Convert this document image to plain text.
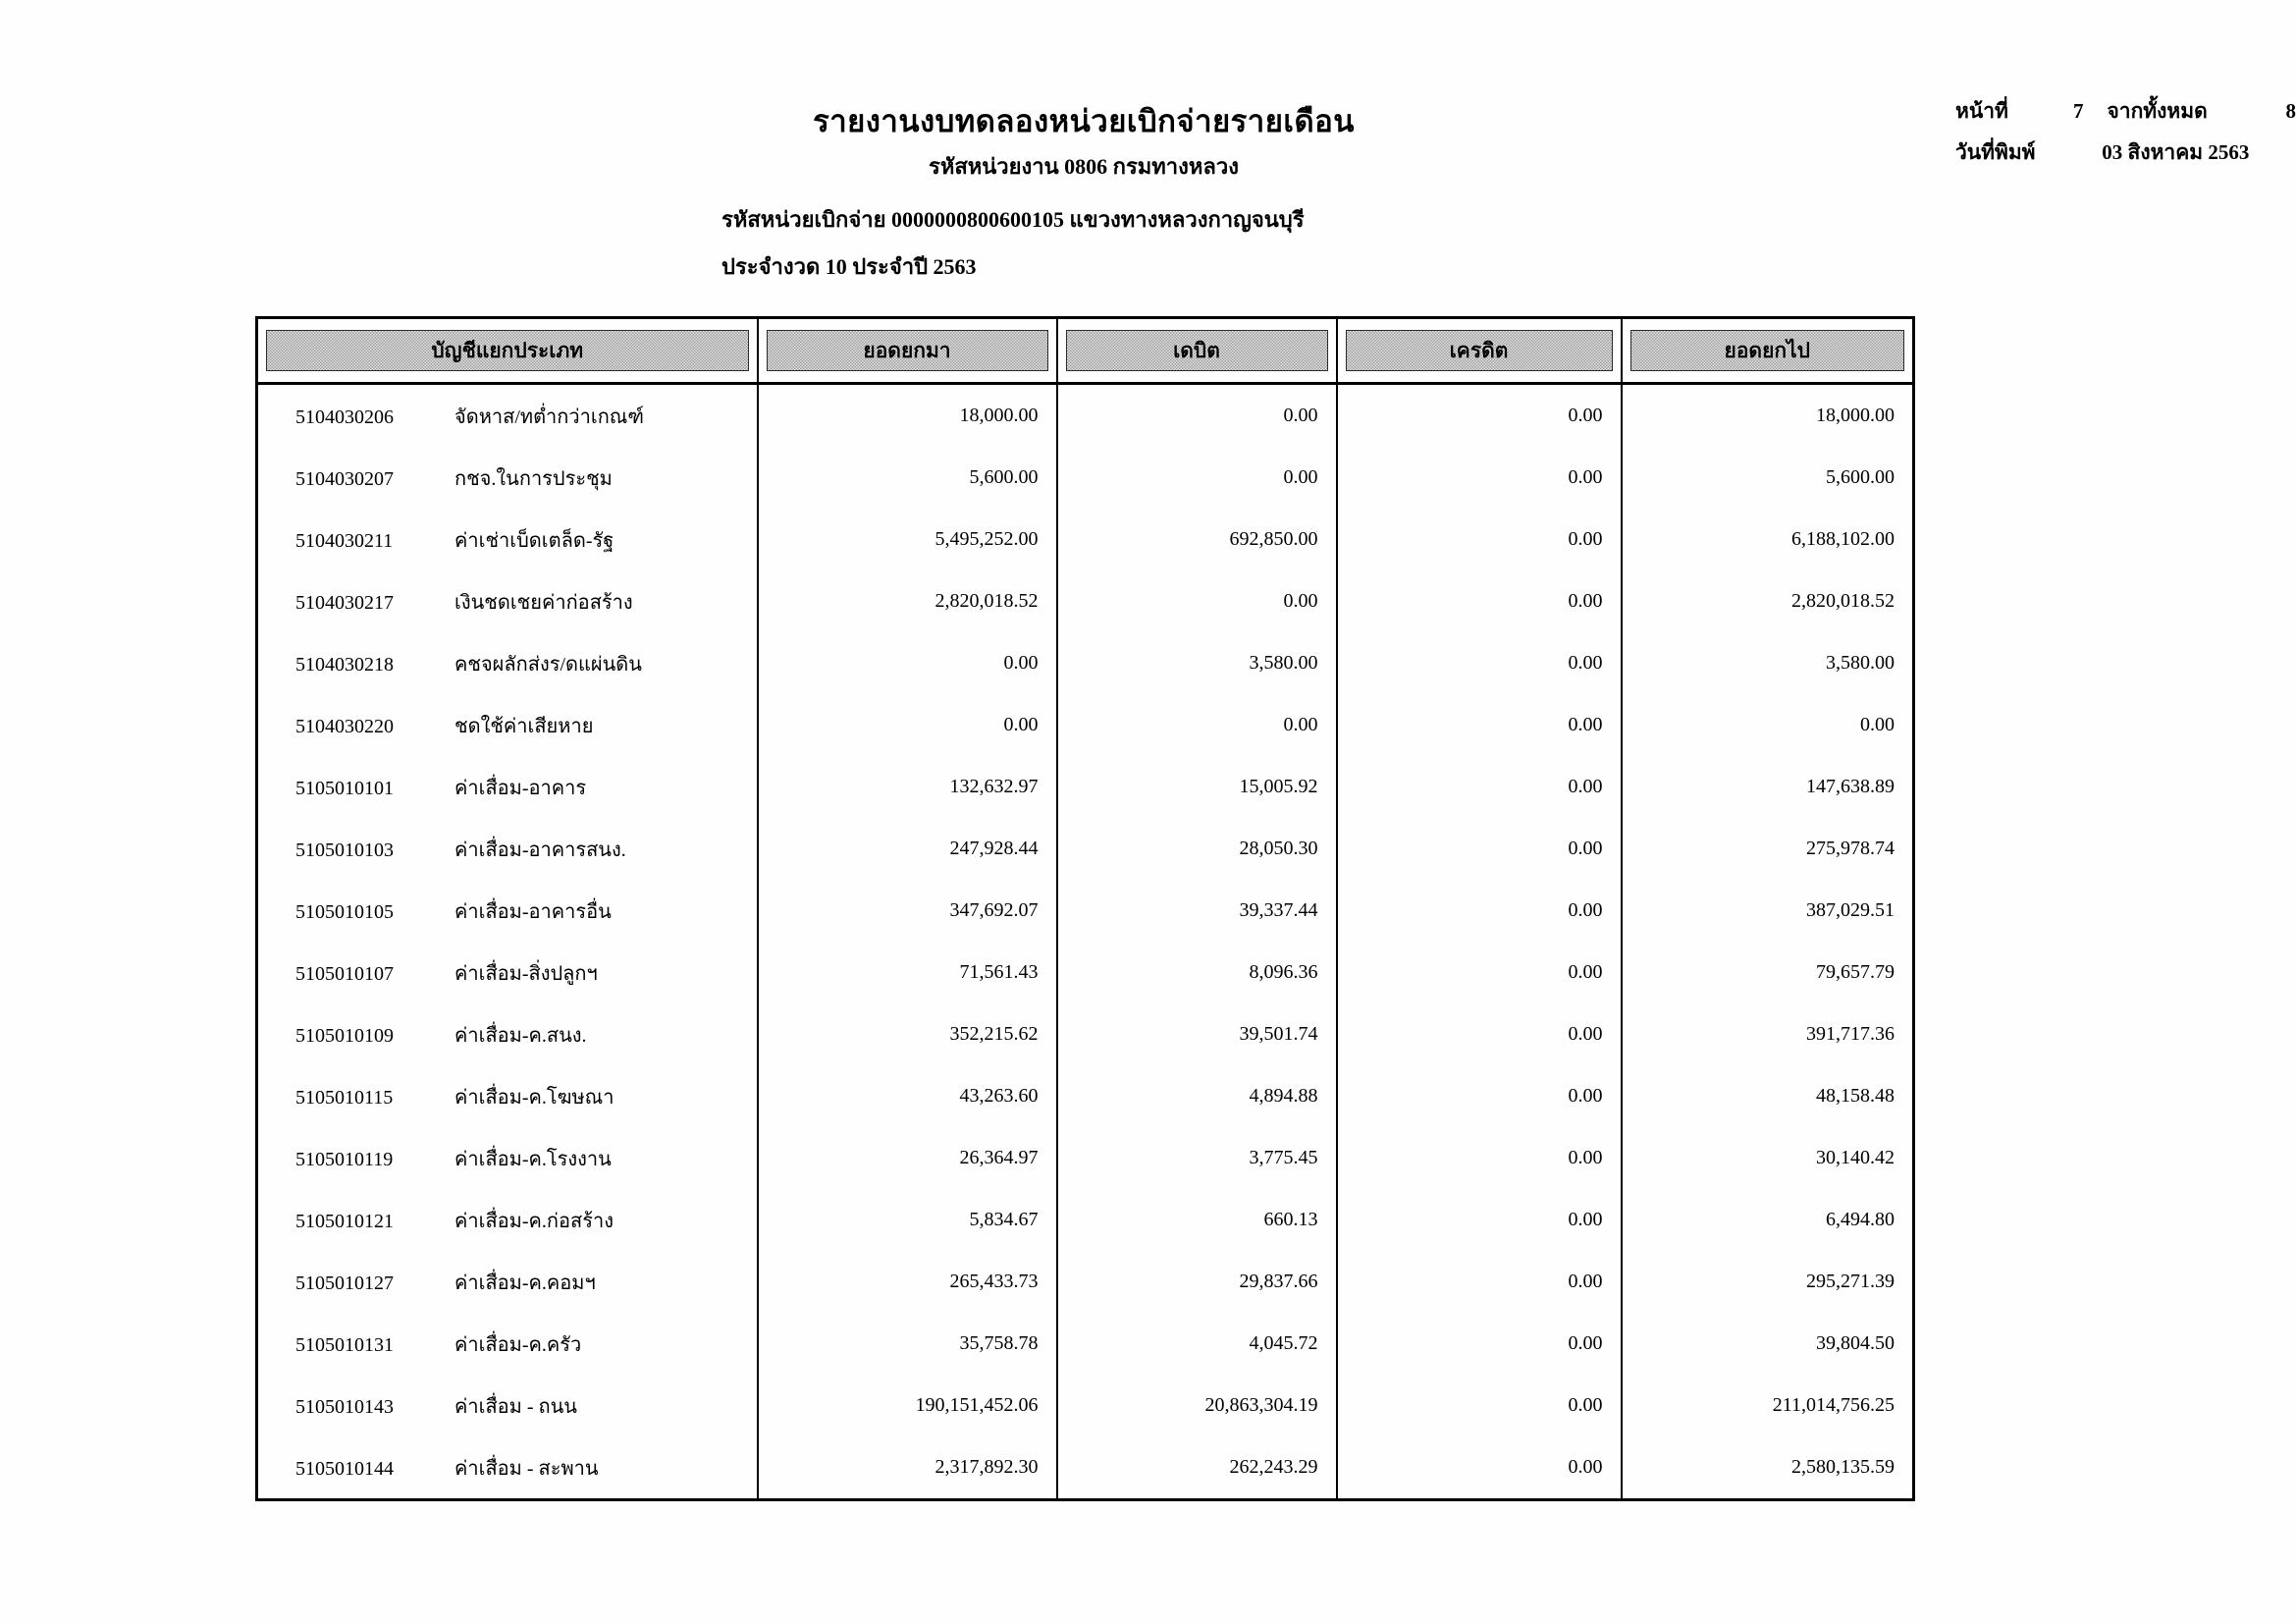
หน้าที่	7 จากทั้งหมด	8
วันที่พิมพ์	03 สิงหาคม 2563
รายงานงบทดลองหน่วยเบิกจ่ายรายเดือน
รหัสหน่วยงาน 0806 กรมทางหลวง
รหัสหน่วยเบิกจ่าย 0000000800600105 แขวงทางหลวงกาญจนบุรี
ประจำงวด 10 ประจำปี 2563
บัญชีแยกประเภท	ยอดยกมา	เดบิต	เครดิต	ยอดยกไป

5104030206 จัดหาส/ทต่ำกว่าเกณฑ์	18,000.00	0.00	0.00	18,000.00
5104030207 กชจ.ในการประชุม	5,600.00	0.00	0.00	5,600.00
5104030211 ค่าเช่าเบ็ดเตล็ด-รัฐ	5,495,252.00	692,850.00	0.00	6,188,102.00
5104030217 เงินชดเชยค่าก่อสร้าง	2,820,018.52	0.00	0.00	2,820,018.52
5104030218 คชจผลักส่งร/ดแผ่นดิน	0.00	3,580.00	0.00	3,580.00
5104030220 ชดใช้ค่าเสียหาย	0.00	0.00	0.00	0.00
5105010101 ค่าเสื่อม-อาคาร	132,632.97	15,005.92	0.00	147,638.89
5105010103 ค่าเสื่อม-อาคารสนง.	247,928.44	28,050.30	0.00	275,978.74
5105010105 ค่าเสื่อม-อาคารอื่น	347,692.07	39,337.44	0.00	387,029.51
5105010107 ค่าเสื่อม-สิ่งปลูกฯ	71,561.43	8,096.36	0.00	79,657.79
5105010109 ค่าเสื่อม-ค.สนง.	352,215.62	39,501.74	0.00	391,717.36
5105010115 ค่าเสื่อม-ค.โฆษณา	43,263.60	4,894.88	0.00	48,158.48
5105010119 ค่าเสื่อม-ค.โรงงาน	26,364.97	3,775.45	0.00	30,140.42
5105010121 ค่าเสื่อม-ค.ก่อสร้าง	5,834.67	660.13	0.00	6,494.80
5105010127 ค่าเสื่อม-ค.คอมฯ	265,433.73	29,837.66	0.00	295,271.39
5105010131 ค่าเสื่อม-ค.ครัว	35,758.78	4,045.72	0.00	39,804.50
5105010143 ค่าเสื่อม - ถนน	190,151,452.06	20,863,304.19	0.00	211,014,756.25
5105010144 ค่าเสื่อม - สะพาน	2,317,892.30	262,243.29	0.00	2,580,135.59
